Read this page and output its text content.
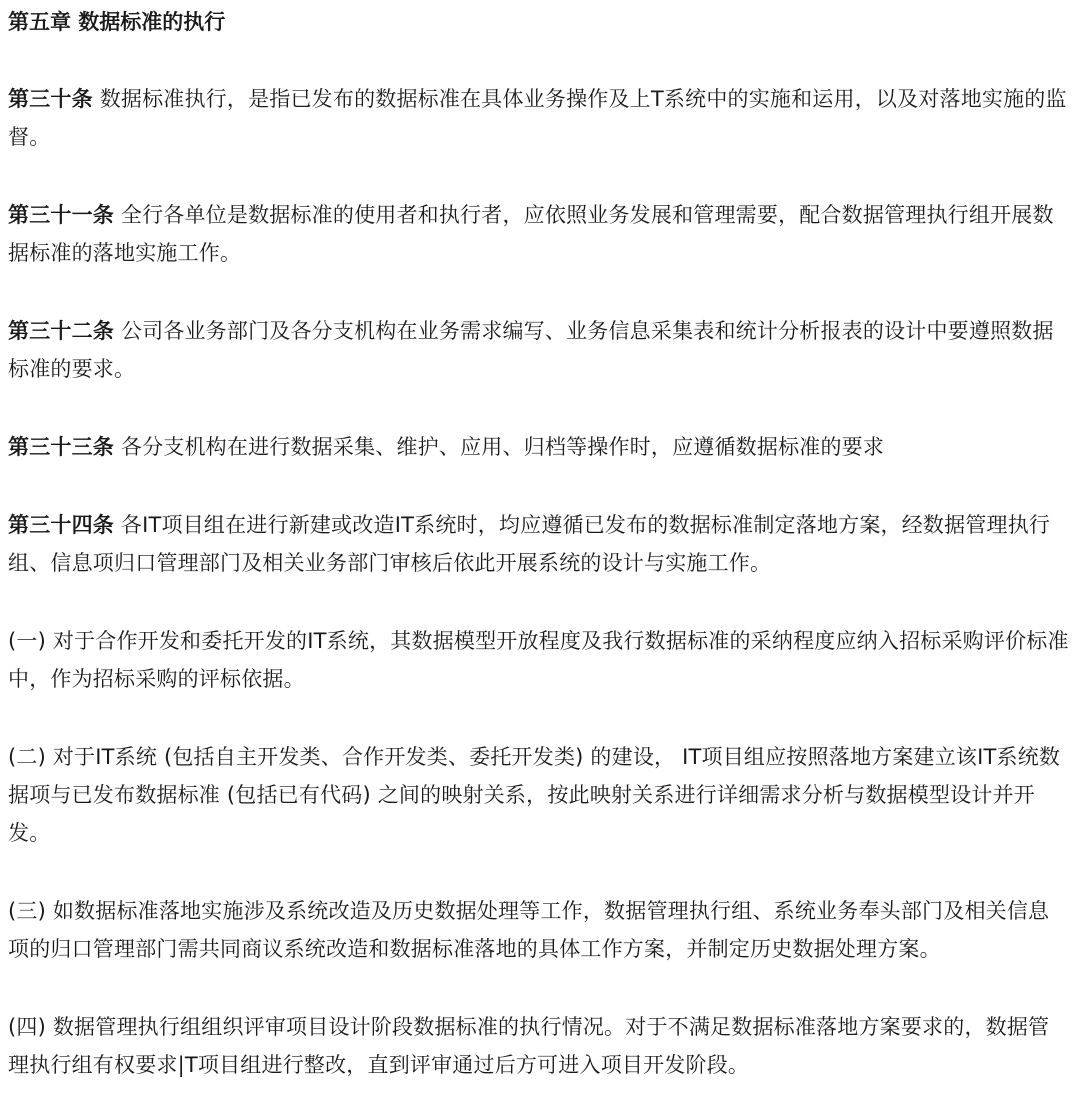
第五章 数据标准的执行

第三十条 数据标准执行，是指已发布的数据标准在具体业务操作及上T系统中的实施和运用，以及对落地实施的监督。

第三十一条 全行各单位是数据标准的使用者和执行者，应依照业务发展和管理需要，配合数据管理执行组开展数据标准的落地实施工作。

第三十二条 公司各业务部门及各分支机构在业务需求编写、业务信息采集表和统计分析报表的设计中要遵照数据标准的要求。

第三十三条 各分支机构在进行数据采集、维护、应用、归档等操作时，应遵循数据标准的要求

第三十四条 各IT项目组在进行新建或改造IT系统时，均应遵循已发布的数据标准制定落地方案，经数据管理执行组、信息项归口管理部门及相关业务部门审核后依此开展系统的设计与实施工作。

(一) 对于合作开发和委托开发的IT系统，其数据模型开放程度及我行数据标准的采纳程度应纳入招标采购评价标准中，作为招标采购的评标依据。

(二) 对于IT系统 (包括自主开发类、合作开发类、委托开发类) 的建设， IT项目组应按照落地方案建立该IT系统数据项与已发布数据标准 (包括已有代码) 之间的映射关系，按此映射关系进行详细需求分析与数据模型设计并开发。

(三) 如数据标准落地实施涉及系统改造及历史数据处理等工作，数据管理执行组、系统业务奉头部门及相关信息项的归口管理部门需共同商议系统改造和数据标准落地的具体工作方案，并制定历史数据处理方案。

(四) 数据管理执行组组织评审项目设计阶段数据标准的执行情况。对于不满足数据标准落地方案要求的，数据管理执行组有权要求|T项目组进行整改，直到评审通过后方可进入项目开发阶段。
